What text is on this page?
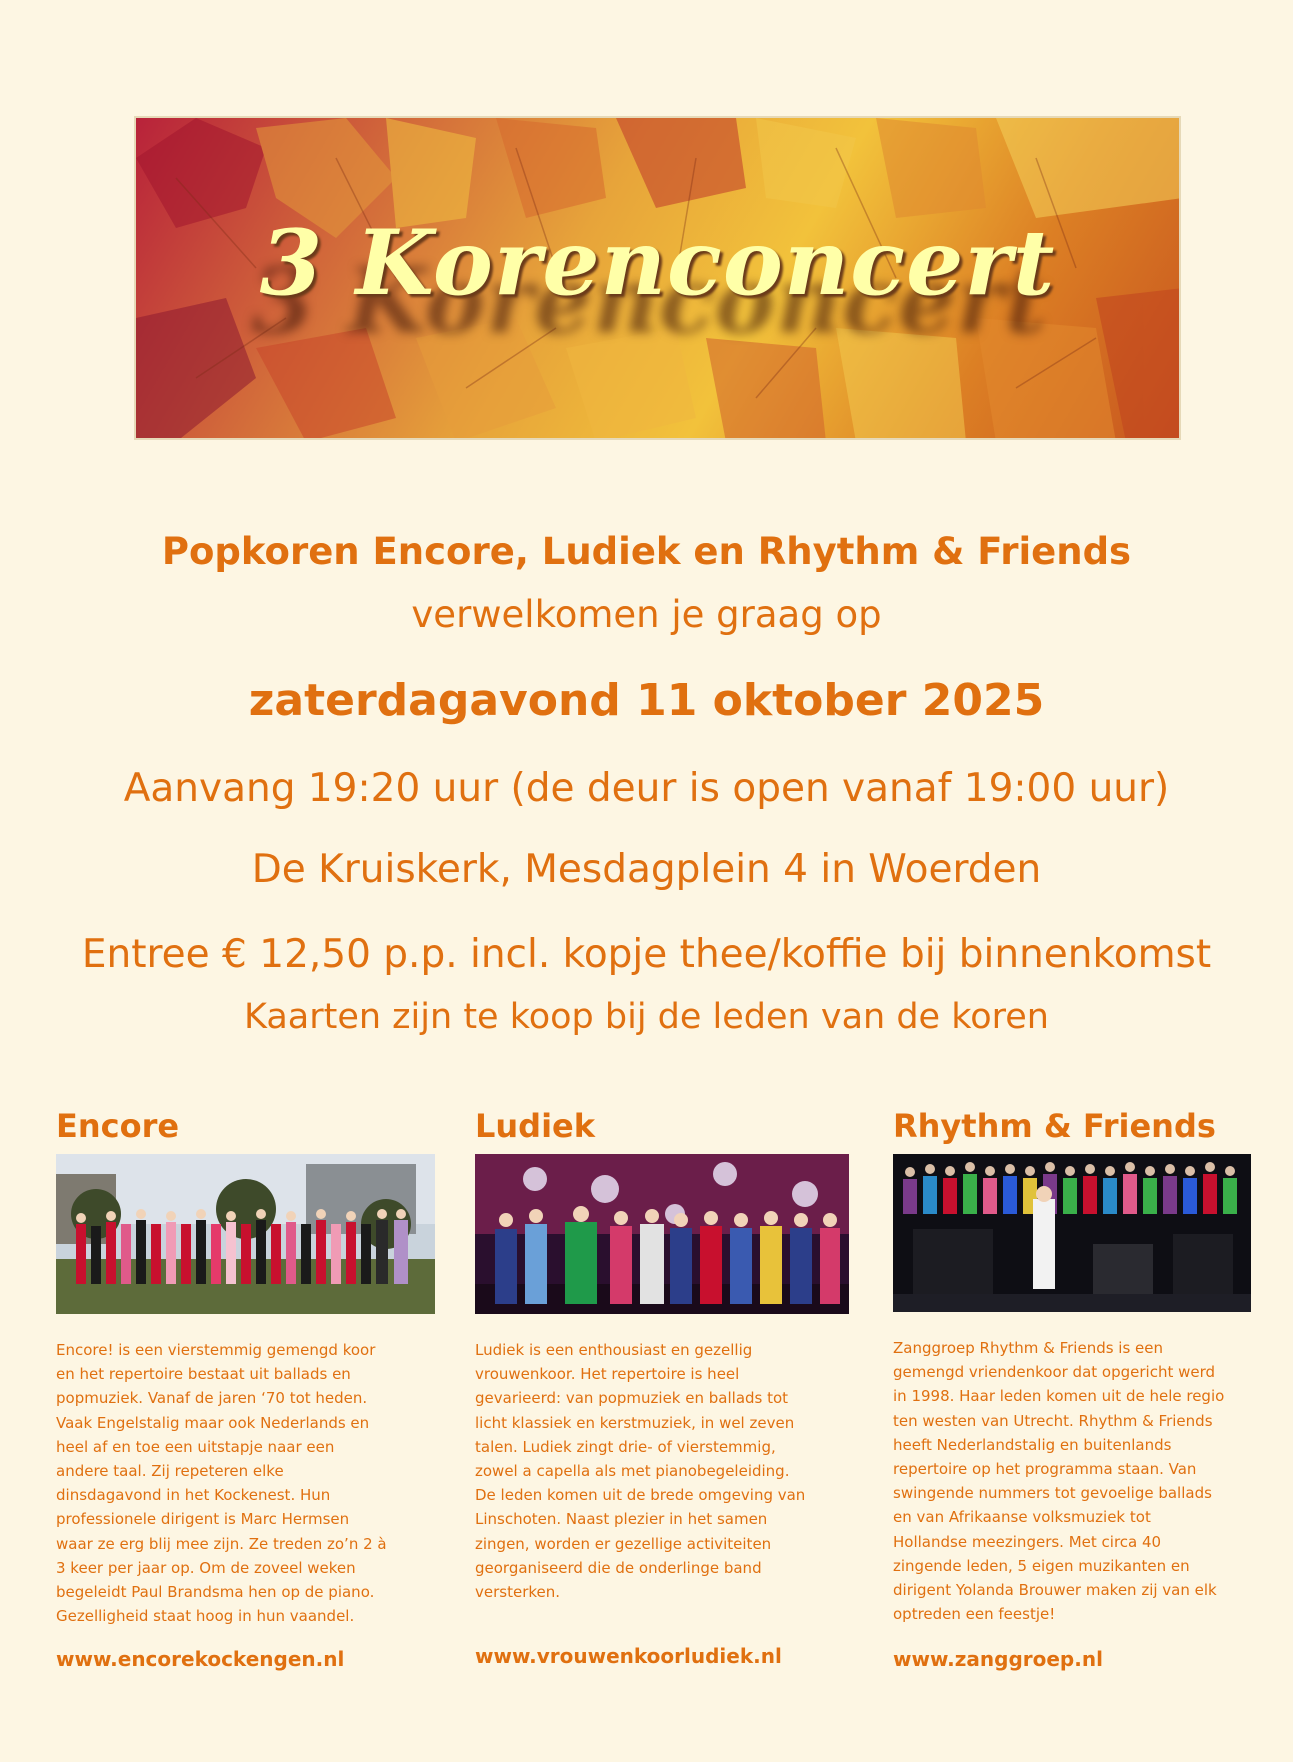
3 Korenconcert
Popkoren Encore, Ludiek en Rhythm & Friends
verwelkomen je graag op
zaterdagavond 11 oktober 2025
Aanvang 19:20 uur (de deur is open vanaf 19:00 uur)
De Kruiskerk, Mesdagplein 4 in Woerden
Entree € 12,50 p.p. incl. kopje thee/koffie bij binnenkomst
Kaarten zijn te koop bij de leden van de koren
Encore
Encore! is een vierstemmig gemengd koor
en het repertoire bestaat uit ballads en
popmuziek. Vanaf de jaren ‘70 tot heden.
Vaak Engelstalig maar ook Nederlands en
heel af en toe een uitstapje naar een
andere taal. Zij repeteren elke
dinsdagavond in het Kockenest. Hun
professionele dirigent is Marc Hermsen
waar ze erg blij mee zijn. Ze treden zo’n 2 à
3 keer per jaar op. Om de zoveel weken
begeleidt Paul Brandsma hen op de piano.
Gezelligheid staat hoog in hun vaandel.
www.encorekockengen.nl
Ludiek
Ludiek is een enthousiast en gezellig
vrouwenkoor. Het repertoire is heel
gevarieerd: van popmuziek en ballads tot
licht klassiek en kerstmuziek, in wel zeven
talen. Ludiek zingt drie- of vierstemmig,
zowel a capella als met pianobegeleiding.
De leden komen uit de brede omgeving van
Linschoten. Naast plezier in het samen
zingen, worden er gezellige activiteiten
georganiseerd die de onderlinge band
versterken.
www.vrouwenkoorludiek.nl
Rhythm & Friends
Zanggroep Rhythm & Friends is een
gemengd vriendenkoor dat opgericht werd
in 1998. Haar leden komen uit de hele regio
ten westen van Utrecht. Rhythm & Friends
heeft Nederlandstalig en buitenlands
repertoire op het programma staan. Van
swingende nummers tot gevoelige ballads
en van Afrikaanse volksmuziek tot
Hollandse meezingers. Met circa 40
zingende leden, 5 eigen muzikanten en
dirigent Yolanda Brouwer maken zij van elk
optreden een feestje!
www.zanggroep.nl
